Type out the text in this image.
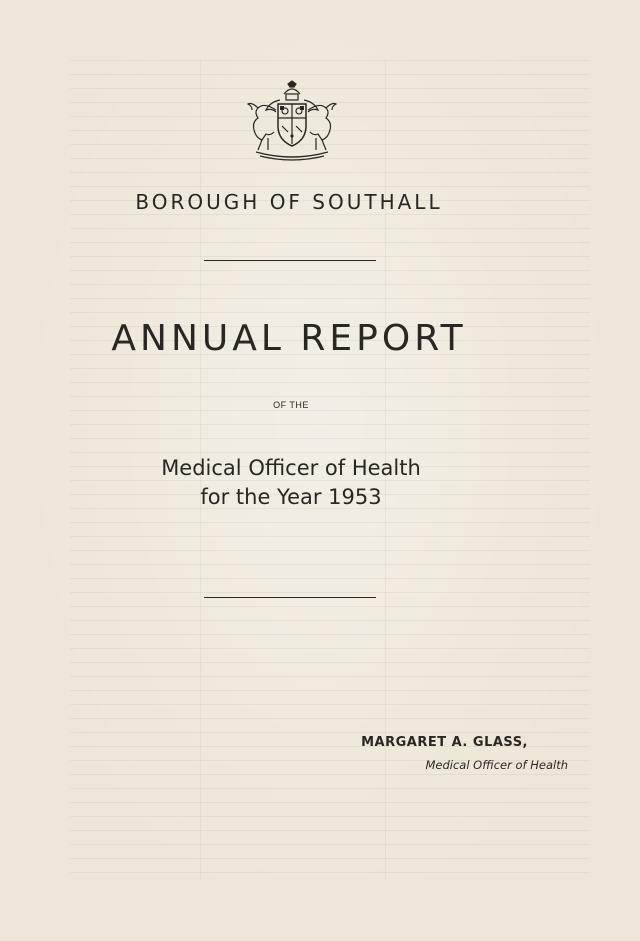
BOROUGH OF SOUTHALL
ANNUAL REPORT
OF THE
Medical Officer of Health
for the Year 1953
MARGARET A. GLASS,
Medical Officer of Health
